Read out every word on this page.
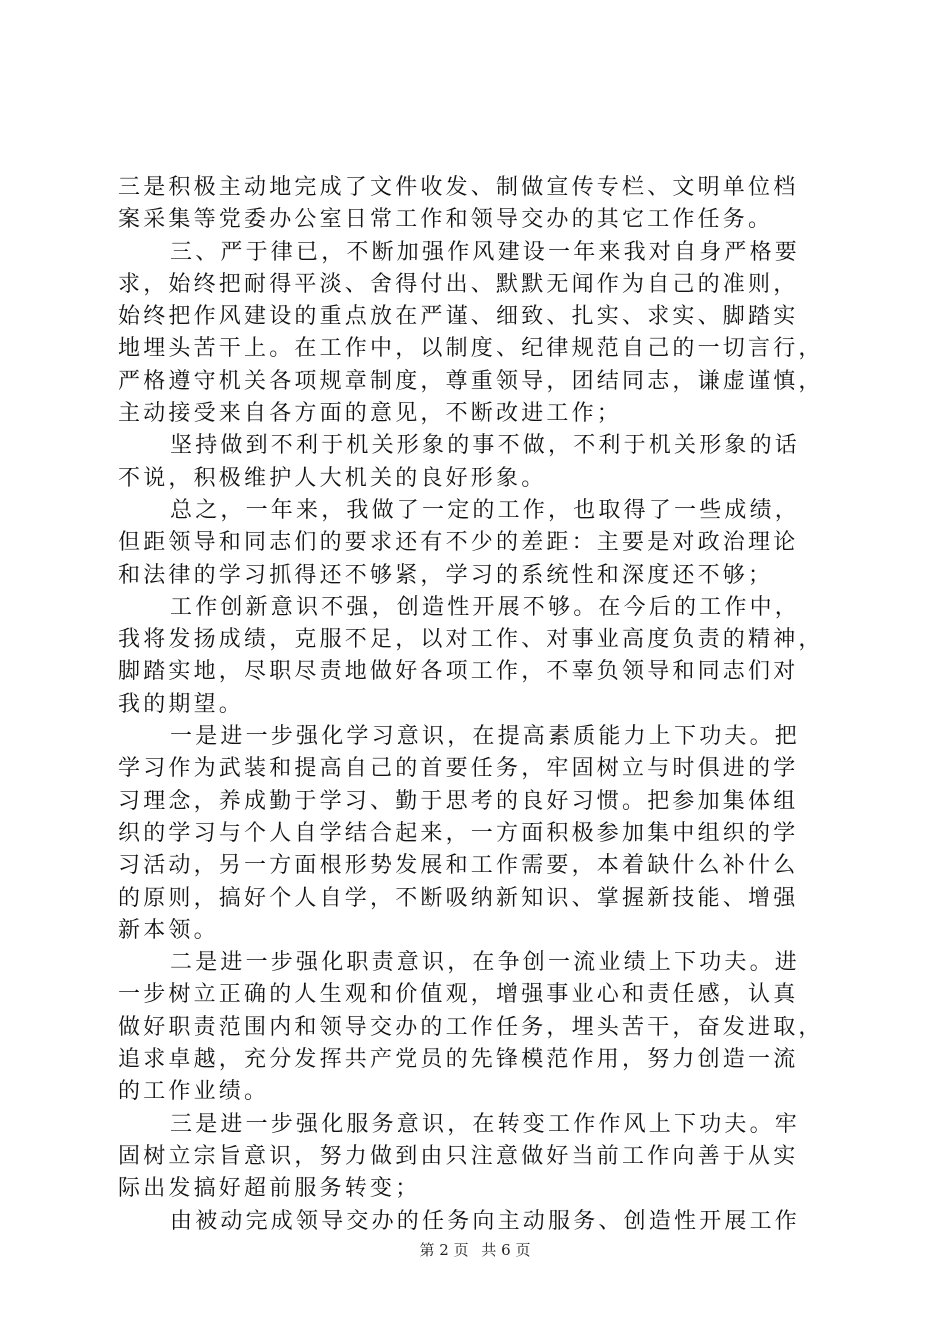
三是积极主动地完成了文件收发、制做宣传专栏、文明单位档
案采集等党委办公室日常工作和领导交办的其它工作任务。
三、严于律已，不断加强作风建设一年来我对自身严格要
求，始终把耐得平淡、舍得付出、默默无闻作为自己的准则，
始终把作风建设的重点放在严谨、细致、扎实、求实、脚踏实
地埋头苦干上。在工作中，以制度、纪律规范自己的一切言行，
严格遵守机关各项规章制度，尊重领导，团结同志，谦虚谨慎，
主动接受来自各方面的意见，不断改进工作；
坚持做到不利于机关形象的事不做，不利于机关形象的话
不说，积极维护人大机关的良好形象。
总之，一年来，我做了一定的工作，也取得了一些成绩，
但距领导和同志们的要求还有不少的差距：主要是对政治理论
和法律的学习抓得还不够紧，学习的系统性和深度还不够；
工作创新意识不强，创造性开展不够。在今后的工作中，
我将发扬成绩，克服不足，以对工作、对事业高度负责的精神，
脚踏实地，尽职尽责地做好各项工作，不辜负领导和同志们对
我的期望。
一是进一步强化学习意识，在提高素质能力上下功夫。把
学习作为武装和提高自己的首要任务，牢固树立与时俱进的学
习理念，养成勤于学习、勤于思考的良好习惯。把参加集体组
织的学习与个人自学结合起来，一方面积极参加集中组织的学
习活动，另一方面根形势发展和工作需要，本着缺什么补什么
的原则，搞好个人自学，不断吸纳新知识、掌握新技能、增强
新本领。
二是进一步强化职责意识，在争创一流业绩上下功夫。进
一步树立正确的人生观和价值观，增强事业心和责任感，认真
做好职责范围内和领导交办的工作任务，埋头苦干，奋发进取，
追求卓越，充分发挥共产党员的先锋模范作用，努力创造一流
的工作业绩。
三是进一步强化服务意识，在转变工作作风上下功夫。牢
固树立宗旨意识，努力做到由只注意做好当前工作向善于从实
际出发搞好超前服务转变；
由被动完成领导交办的任务向主动服务、创造性开展工作
第 2 页 共 6 页
